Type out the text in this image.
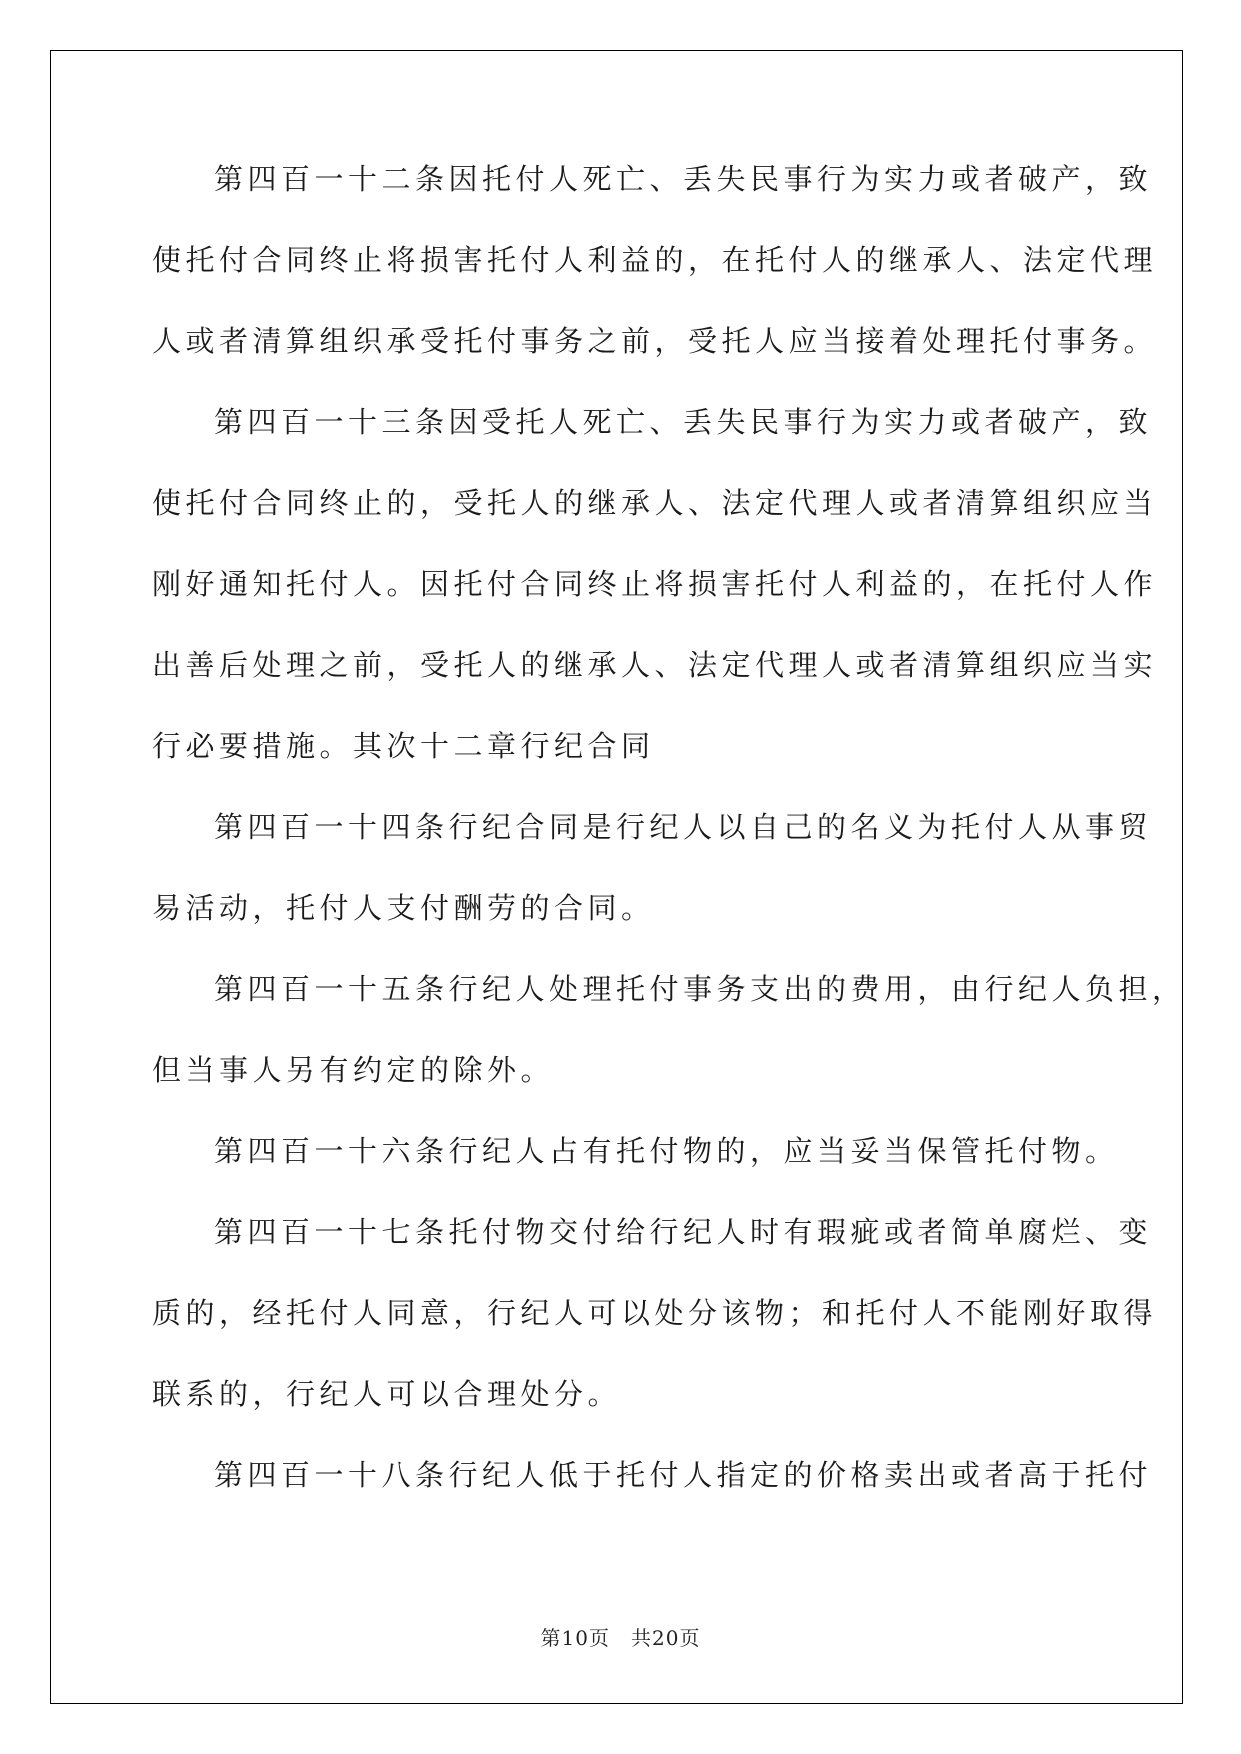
第四百一十二条因托付人死亡、丢失民事行为实力或者破产，致
使托付合同终止将损害托付人利益的，在托付人的继承人、法定代理
人或者清算组织承受托付事务之前，受托人应当接着处理托付事务。
第四百一十三条因受托人死亡、丢失民事行为实力或者破产，致
使托付合同终止的，受托人的继承人、法定代理人或者清算组织应当
刚好通知托付人。因托付合同终止将损害托付人利益的，在托付人作
出善后处理之前，受托人的继承人、法定代理人或者清算组织应当实
行必要措施。其次十二章行纪合同
第四百一十四条行纪合同是行纪人以自己的名义为托付人从事贸
易活动，托付人支付酬劳的合同。
第四百一十五条行纪人处理托付事务支出的费用，由行纪人负担，
但当事人另有约定的除外。
第四百一十六条行纪人占有托付物的，应当妥当保管托付物。
第四百一十七条托付物交付给行纪人时有瑕疵或者简单腐烂、变
质的，经托付人同意，行纪人可以处分该物；和托付人不能刚好取得
联系的，行纪人可以合理处分。
第四百一十八条行纪人低于托付人指定的价格卖出或者高于托付
第10页　共20页
